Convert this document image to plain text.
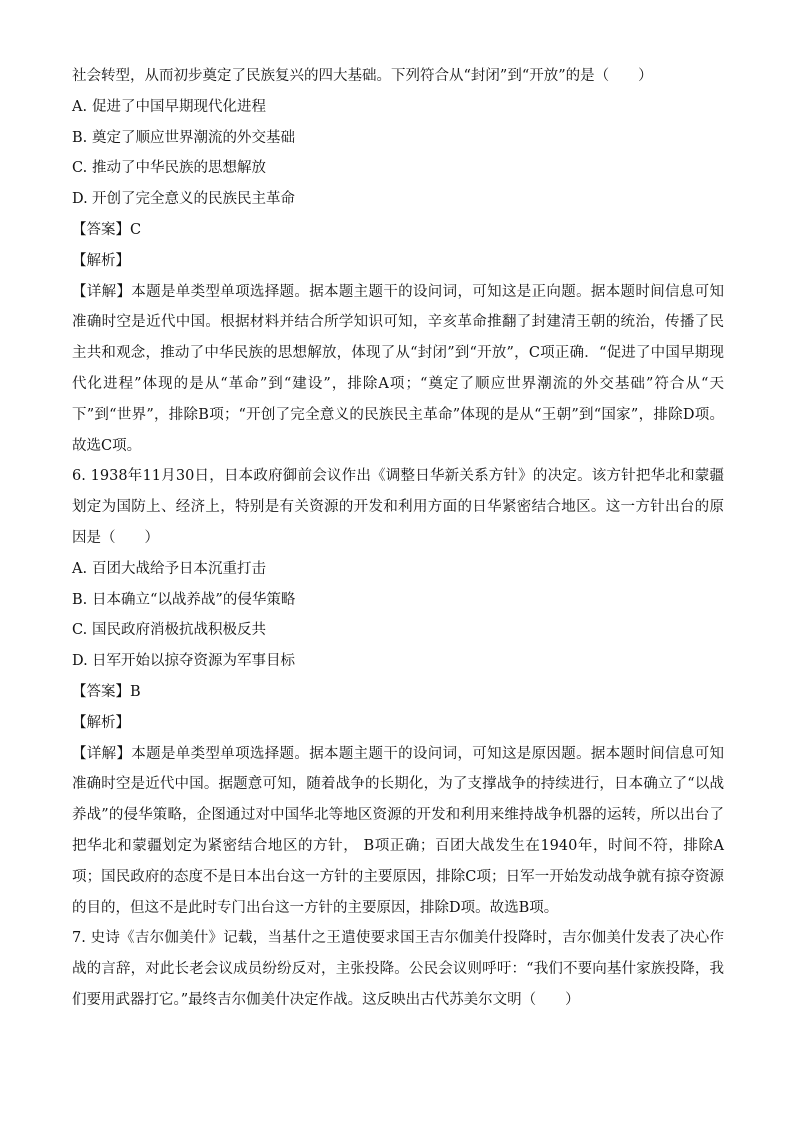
社会转型，从而初步奠定了民族复兴的四大基础。下列符合从“封闭”到“开放”的是（　　）
A. 促进了中国早期现代化进程
B. 奠定了顺应世界潮流的外交基础
C. 推动了中华民族的思想解放
D. 开创了完全意义的民族民主革命
【答案】C
【解析】
【详解】本题是单类型单项选择题。据本题主题干的设问词，可知这是正向题。据本题时间信息可知准确时空是近代中国。根据材料并结合所学知识可知，辛亥革命推翻了封建清王朝的统治，传播了民主共和观念，推动了中华民族的思想解放，体现了从“封闭”到“开放”，C项正确．“促进了中国早期现代化进程”体现的是从“革命”到“建设”，排除A项；“奠定了顺应世界潮流的外交基础”符合从“天下”到“世界”，排除B项；“开创了完全意义的民族民主革命”体现的是从“王朝”到“国家”，排除D项。故选C项。
6. 1938年11月30日，日本政府御前会议作出《调整日华新关系方针》的决定。该方针把华北和蒙疆划定为国防上、经济上，特别是有关资源的开发和利用方面的日华紧密结合地区。这一方针出台的原因是（　　）
A. 百团大战给予日本沉重打击
B. 日本确立“以战养战”的侵华策略
C. 国民政府消极抗战积极反共
D. 日军开始以掠夺资源为军事目标
【答案】B
【解析】
【详解】本题是单类型单项选择题。据本题主题干的设问词，可知这是原因题。据本题时间信息可知准确时空是近代中国。据题意可知，随着战争的长期化，为了支撑战争的持续进行，日本确立了“以战养战”的侵华策略，企图通过对中国华北等地区资源的开发和利用来维持战争机器的运转，所以出台了把华北和蒙疆划定为紧密结合地区的方针， B项正确；百团大战发生在1940年，时间不符，排除A项；国民政府的态度不是日本出台这一方针的主要原因，排除C项；日军一开始发动战争就有掠夺资源的目的，但这不是此时专门出台这一方针的主要原因，排除D项。故选B项。
7. 史诗《吉尔伽美什》记载，当基什之王遣使要求国王吉尔伽美什投降时，吉尔伽美什发表了决心作战的言辞，对此长老会议成员纷纷反对，主张投降。公民会议则呼吁：“我们不要向基什家族投降，我们要用武器打它。”最终吉尔伽美什决定作战。这反映出古代苏美尔文明（　　）
